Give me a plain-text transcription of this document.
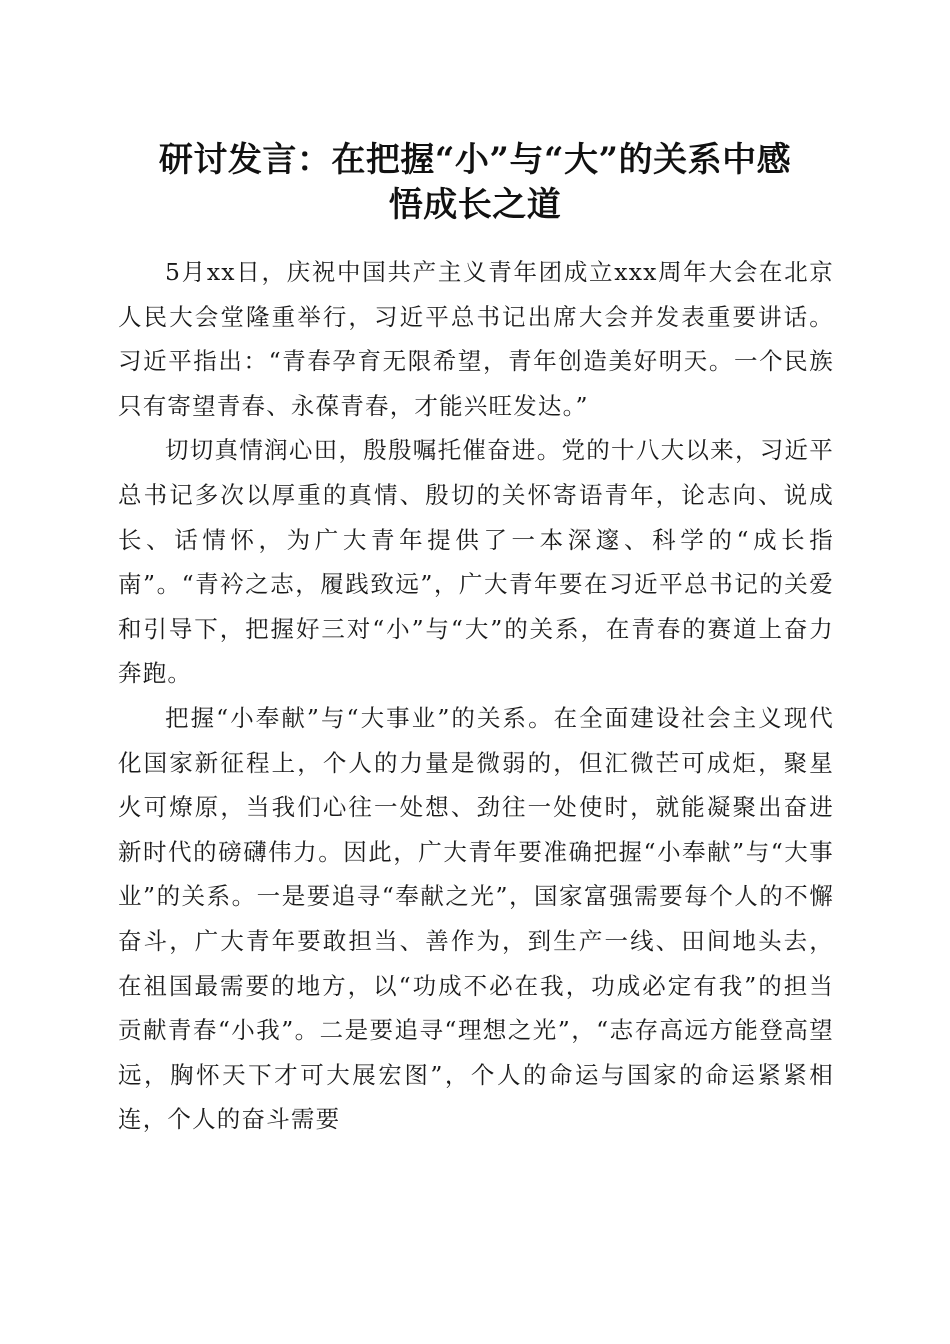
研讨发言：在把握“小”与“大”的关系中感
悟成长之道

5月xx日，庆祝中国共产主义青年团成立xxx周年大会在北京人民大会堂隆重举行，习近平总书记出席大会并发表重要讲话。习近平指出：“青春孕育无限希望，青年创造美好明天。一个民族只有寄望青春、永葆青春，才能兴旺发达。”

切切真情润心田，殷殷嘱托催奋进。党的十八大以来，习近平总书记多次以厚重的真情、殷切的关怀寄语青年，论志向、说成长、话情怀，为广大青年提供了一本深邃、科学的“成长指南”。“青衿之志，履践致远”，广大青年要在习近平总书记的关爱和引导下，把握好三对“小”与“大”的关系，在青春的赛道上奋力奔跑。

把握“小奉献”与“大事业”的关系。在全面建设社会主义现代化国家新征程上，个人的力量是微弱的，但汇微芒可成炬，聚星火可燎原，当我们心往一处想、劲往一处使时，就能凝聚出奋进新时代的磅礴伟力。因此，广大青年要准确把握“小奉献”与“大事业”的关系。一是要追寻“奉献之光”，国家富强需要每个人的不懈奋斗，广大青年要敢担当、善作为，到生产一线、田间地头去，在祖国最需要的地方，以“功成不必在我，功成必定有我”的担当贡献青春“小我”。二是要追寻“理想之光”，“志存高远方能登高望远，胸怀天下才可大展宏图”，个人的命运与国家的命运紧紧相连，个人的奋斗需要
